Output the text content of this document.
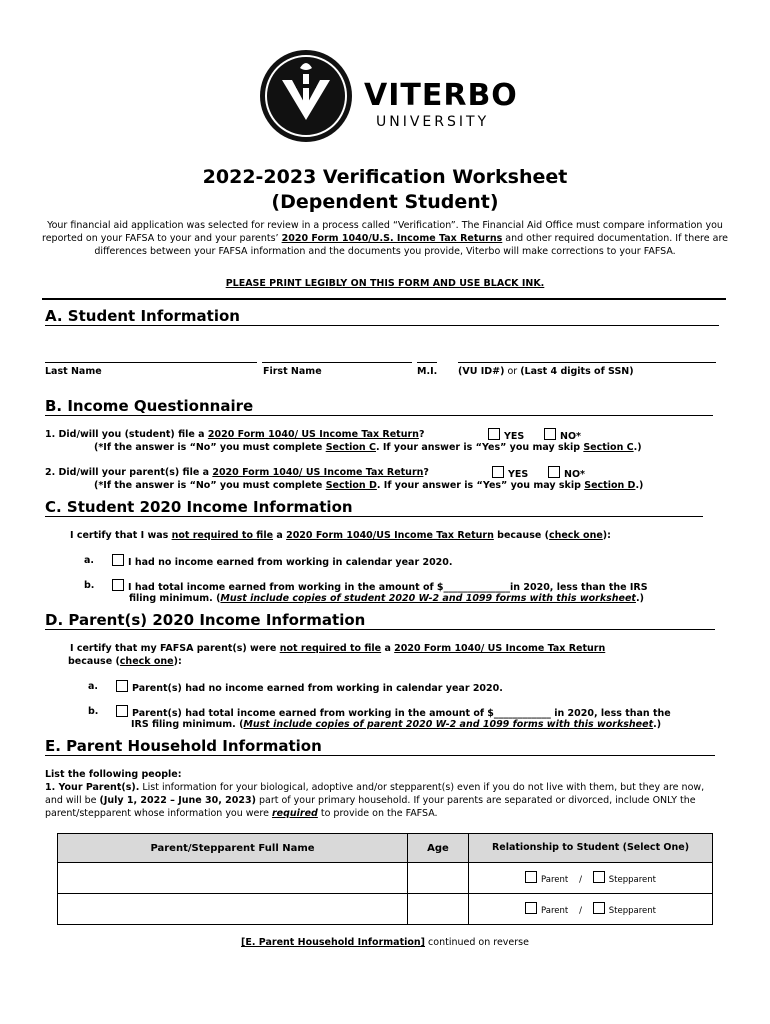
VITERBO
UNIVERSITY
2022-2023 Verification Worksheet
(Dependent Student)
Your financial aid application was selected for review in a process called “Verification”. The Financial Aid Office must compare information you reported on your FAFSA to your and your parents’ 2020 Form 1040/U.S. Income Tax Returns and other required documentation. If there are differences between your FAFSA information and the documents you provide, Viterbo will make corrections to your FAFSA.
PLEASE PRINT LEGIBLY ON THIS FORM AND USE BLACK INK.
A. Student Information
Last Name	First Name	M.I. (VU ID#) or (Last 4 digits of SSN)
B. Income Questionnaire
1. Did/will you (student) file a 2020 Form 1040/ US Income Tax Return?	YES	NO*
(*If the answer is “No” you must complete Section C. If your answer is “Yes” you may skip Section C.)
2. Did/will your parent(s) file a 2020 Form 1040/ US Income Tax Return?	YES	NO*
(*If the answer is “No” you must complete Section D. If your answer is “Yes” you may skip Section D.)
C. Student 2020 Income Information
I certify that I was not required to file a 2020 Form 1040/US Income Tax Return because (check one):
a.	I had no income earned from working in calendar year 2020.
b.	I had total income earned from working in the amount of $______________in 2020, less than the IRS
filing minimum. (Must include copies of student 2020 W-2 and 1099 forms with this worksheet.)
D. Parent(s) 2020 Income Information
I certify that my FAFSA parent(s) were not required to file a 2020 Form 1040/ US Income Tax Return
because (check one):
a.	Parent(s) had no income earned from working in calendar year 2020.
b.	Parent(s) had total income earned from working in the amount of $____________ in 2020, less than the
IRS filing minimum. (Must include copies of parent 2020 W-2 and 1099 forms with this worksheet.)
E. Parent Household Information
List the following people:
1. Your Parent(s). List information for your biological, adoptive and/or stepparent(s) even if you do not live with them, but they are now, and will be (July 1, 2022 – June 30, 2023) part of your primary household. If your parents are separated or divorced, include ONLY the parent/stepparent whose information you were required to provide on the FAFSA.
Parent/Stepparent Full Name	Age	Relationship to Student (Select One)
		Parent / Stepparent
		Parent / Stepparent
[E. Parent Household Information] continued on reverse
